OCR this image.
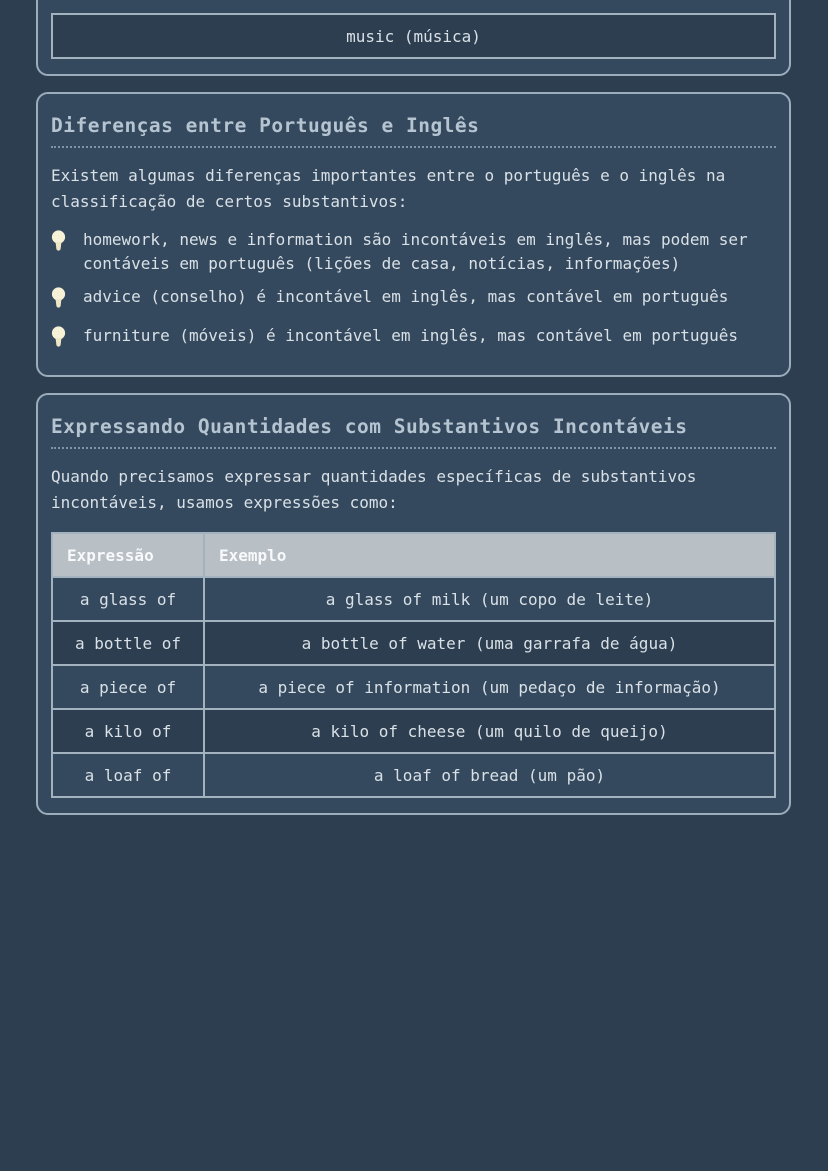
music (música)
Diferenças entre Português e Inglês

Existem algumas diferenças importantes entre o português e o inglês na classificação de certos substantivos:

homework, news e information são incontáveis em inglês, mas podem ser contáveis em português (lições de casa, notícias, informações)
advice (conselho) é incontável em inglês, mas contável em português
furniture (móveis) é incontável em inglês, mas contável em português
Expressando Quantidades com Substantivos Incontáveis

Quando precisamos expressar quantidades específicas de substantivos incontáveis, usamos expressões como:

Expressão	Exemplo
a glass of	a glass of milk (um copo de leite)
a bottle of	a bottle of water (uma garrafa de água)
a piece of	a piece of information (um pedaço de informação)
a kilo of	a kilo of cheese (um quilo de queijo)
a loaf of	a loaf of bread (um pão)
